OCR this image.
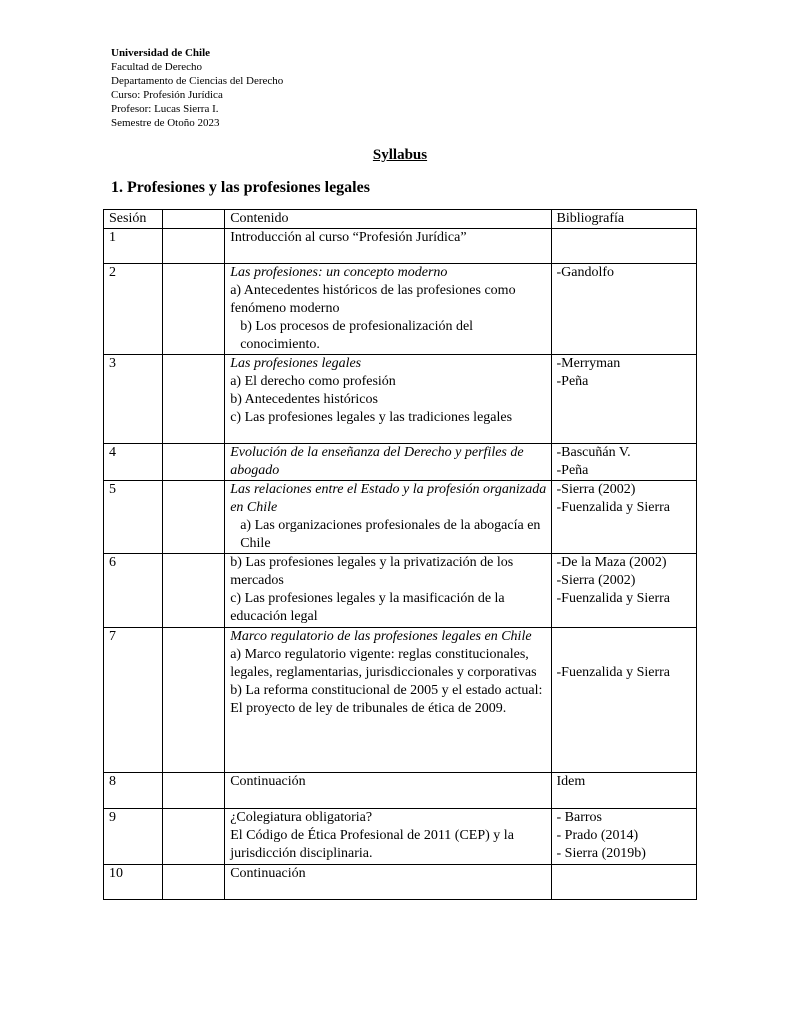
Universidad de Chile
Facultad de Derecho
Departamento de Ciencias del Derecho
Curso: Profesión Jurídica
Profesor: Lucas Sierra I.
Semestre de Otoño 2023
Syllabus
1. Profesiones y las profesiones legales
Sesión		Contenido	Bibliografía
1		Introducción al curso “Profesión Jurídica”	

2		Las profesiones: un concepto moderno
a) Antecedentes históricos de las profesiones como fenómeno moderno
b) Los procesos de profesionalización del conocimiento.	-Gandolfo

3		Las profesiones legales
a) El derecho como profesión
b) Antecedentes históricos
c) Las profesiones legales y las tradiciones legales	-Merryman
-Peña

4		Evolución de la enseñanza del Derecho y perfiles de abogado	-Bascuñán V.
-Peña

5		Las relaciones entre el Estado y la profesión organizada en Chile
a) Las organizaciones profesionales de la abogacía en Chile	-Sierra (2002)
-Fuenzalida y Sierra

6		b) Las profesiones legales y la privatización de los mercados
c) Las profesiones legales y la masificación de la educación legal	-De la Maza (2002)
-Sierra (2002)
-Fuenzalida y Sierra

7		Marco regulatorio de las profesiones legales en Chile
a) Marco regulatorio vigente: reglas constitucionales, legales, reglamentarias, jurisdiccionales y corporativas
b) La reforma constitucional de 2005 y el estado actual: El proyecto de ley de tribunales de ética de 2009.	-Fuenzalida y Sierra

8		Continuación	Idem

9		¿Colegiatura obligatoria?
El Código de Ética Profesional de 2011 (CEP) y la jurisdicción disciplinaria.	- Barros
- Prado (2014)
- Sierra (2019b)

10		Continuación	
